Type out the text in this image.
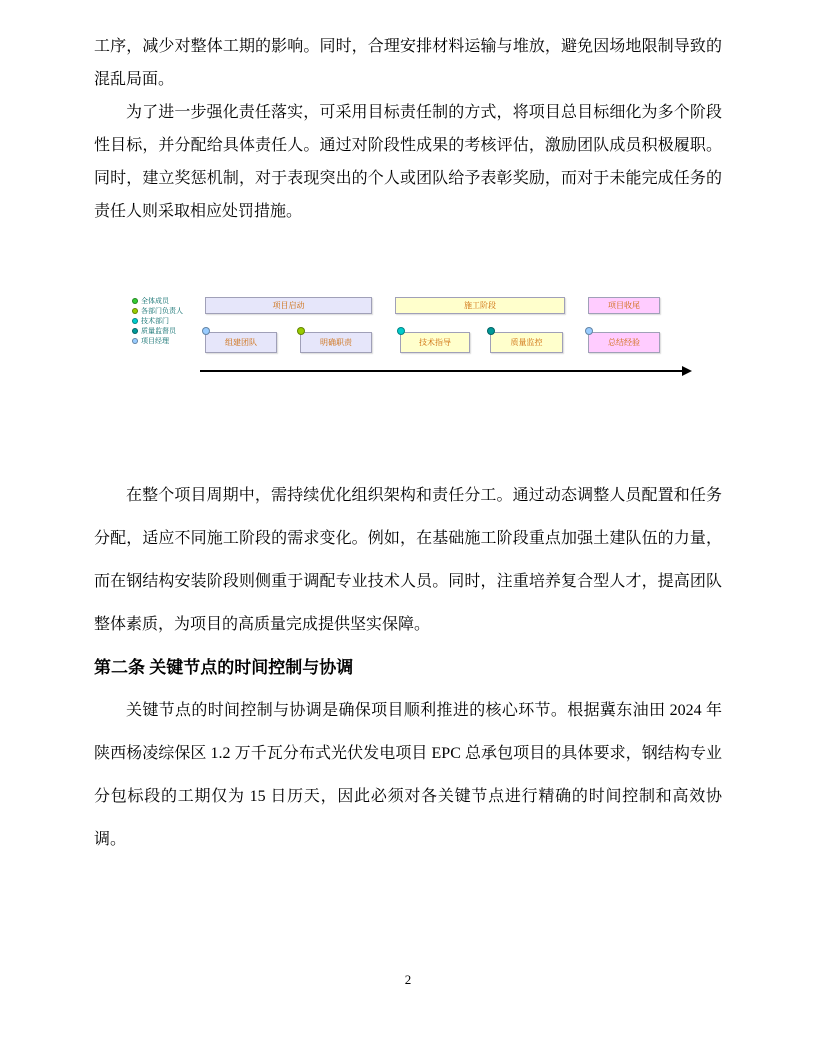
工序，减少对整体工期的影响。同时，合理安排材料运输与堆放，避免因场地限制导致的混乱局面。

为了进一步强化责任落实，可采用目标责任制的方式，将项目总目标细化为多个阶段性目标，并分配给具体责任人。通过对阶段性成果的考核评估，激励团队成员积极履职。同时，建立奖惩机制，对于表现突出的个人或团队给予表彰奖励，而对于未能完成任务的责任人则采取相应处罚措施。

全体成员
各部门负责人
技术部门
质量监督员
项目经理
项目启动	施工阶段	项目收尾
组建团队	明确职责	技术指导	质量监控	总结经验

在整个项目周期中，需持续优化组织架构和责任分工。通过动态调整人员配置和任务分配，适应不同施工阶段的需求变化。例如，在基础施工阶段重点加强土建队伍的力量，而在钢结构安装阶段则侧重于调配专业技术人员。同时，注重培养复合型人才，提高团队整体素质，为项目的高质量完成提供坚实保障。

第二条 关键节点的时间控制与协调

关键节点的时间控制与协调是确保项目顺利推进的核心环节。根据冀东油田 2024 年陕西杨凌综保区 1.2 万千瓦分布式光伏发电项目 EPC 总承包项目的具体要求，钢结构专业分包标段的工期仅为 15 日历天，因此必须对各关键节点进行精确的时间控制和高效协调。

2
